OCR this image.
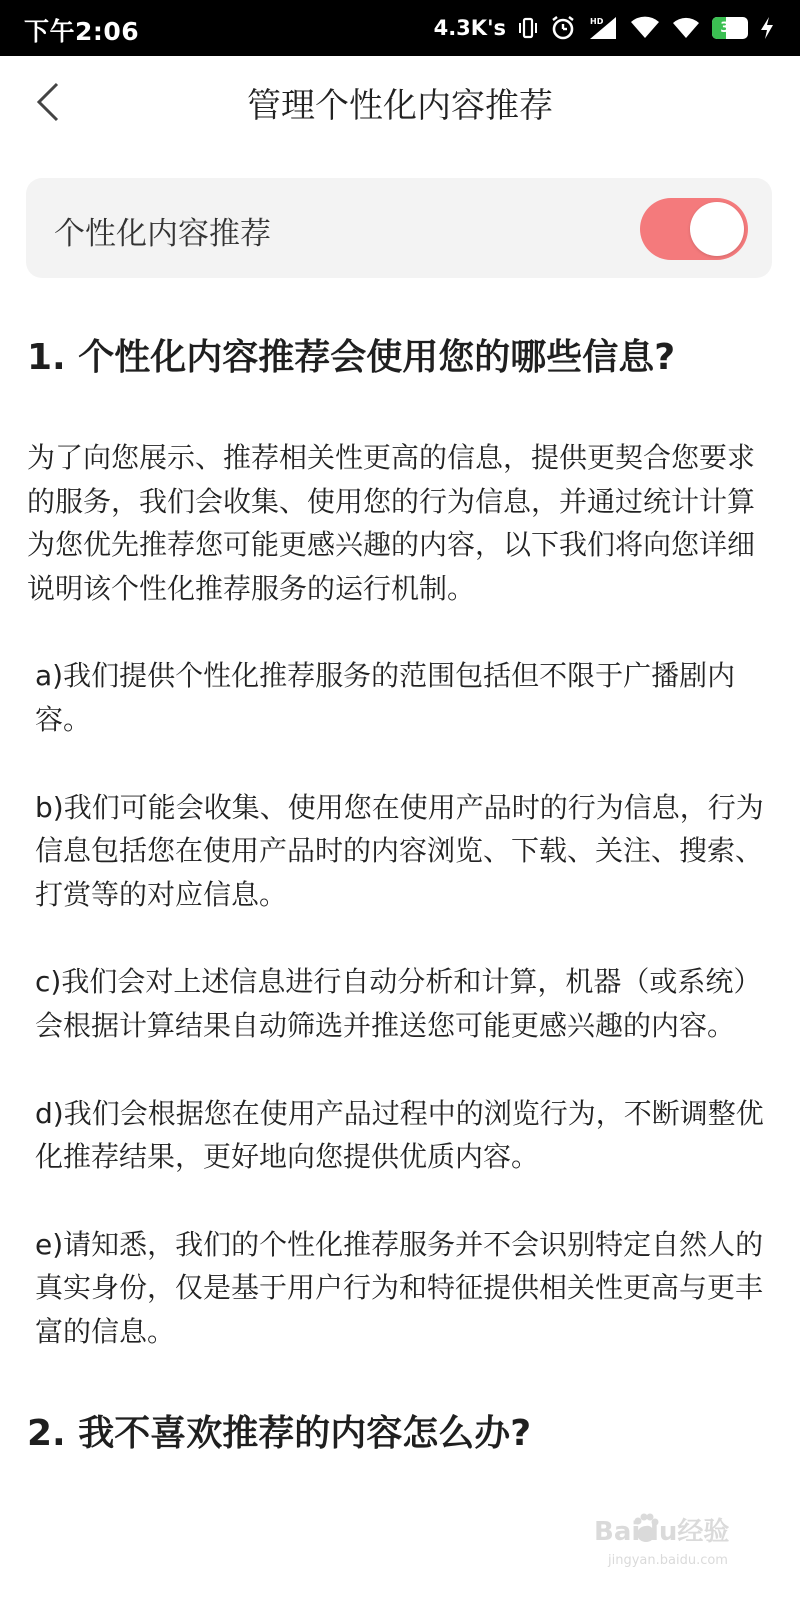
下午2:06	4.3K's	HD	38
管理个性化内容推荐
个性化内容推荐
1. 个性化内容推荐会使用您的哪些信息?

为了向您展示、推荐相关性更高的信息，提供更契合您要求的服务，我们会收集、使用您的行为信息，并通过统计计算为您优先推荐您可能更感兴趣的内容，以下我们将向您详细说明该个性化推荐服务的运行机制。

a)我们提供个性化推荐服务的范围包括但不限于广播剧内容。

b)我们可能会收集、使用您在使用产品时的行为信息，行为信息包括您在使用产品时的内容浏览、下载、关注、搜索、打赏等的对应信息。

c)我们会对上述信息进行自动分析和计算，机器（或系统）会根据计算结果自动筛选并推送您可能更感兴趣的内容。

d)我们会根据您在使用产品过程中的浏览行为，不断调整优化推荐结果，更好地向您提供优质内容。

e)请知悉，我们的个性化推荐服务并不会识别特定自然人的真实身份，仅是基于用户行为和特征提供相关性更高与更丰富的信息。

2. 我不喜欢推荐的内容怎么办?
Baidu经验
jingyan.baidu.com
